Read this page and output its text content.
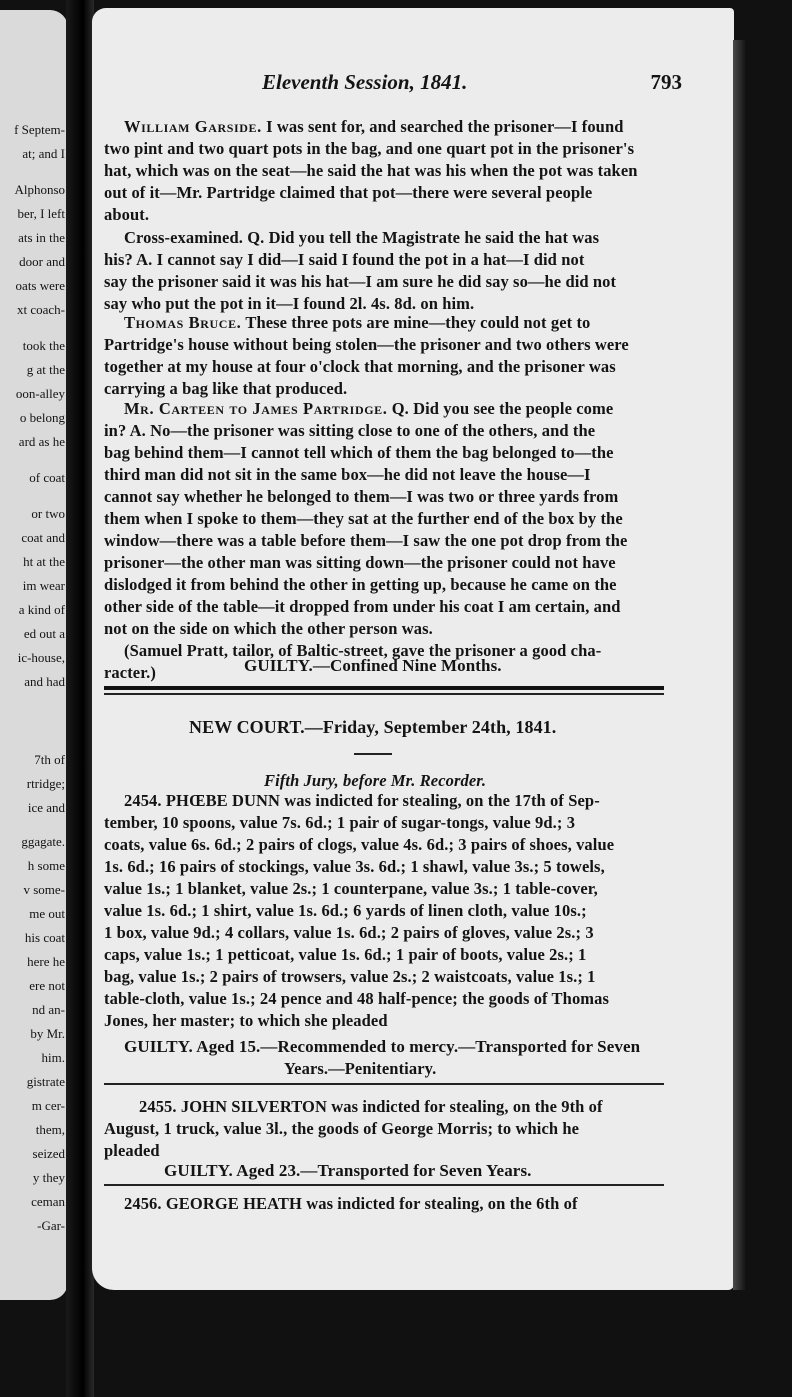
f Septem-
at; and I
Alphonso
ber, I left
ats in the
door and
oats were
xt coach-
took the
g at the
oon-alley
o belong
ard as he
of coat
or two
coat and
ht at the
im wear
a kind of
ed out a
ic-house,
and had
7th of
rtridge;
ice and
ggagate.
h some
v some-
me out
his coat
here he
ere not
nd an-
by Mr.
him.
gistrate
m cer-
them,
seized
y they
ceman
-Gar-
Eleventh Session, 1841.	793
William Garside. I was sent for, and searched the prisoner—I found
two pint and two quart pots in the bag, and one quart pot in the prisoner's
hat, which was on the seat—he said the hat was his when the pot was taken
out of it—Mr. Partridge claimed that pot—there were several people
about.
Cross-examined. Q. Did you tell the Magistrate he said the hat was
his? A. I cannot say I did—I said I found the pot in a hat—I did not
say the prisoner said it was his hat—I am sure he did say so—he did not
say who put the pot in it—I found 2l. 4s. 8d. on him.
Thomas Bruce. These three pots are mine—they could not get to
Partridge's house without being stolen—the prisoner and two others were
together at my house at four o'clock that morning, and the prisoner was
carrying a bag like that produced.
Mr. Carteen to James Partridge. Q. Did you see the people come
in? A. No—the prisoner was sitting close to one of the others, and the
bag behind them—I cannot tell which of them the bag belonged to—the
third man did not sit in the same box—he did not leave the house—I
cannot say whether he belonged to them—I was two or three yards from
them when I spoke to them—they sat at the further end of the box by the
window—there was a table before them—I saw the one pot drop from the
prisoner—the other man was sitting down—the prisoner could not have
dislodged it from behind the other in getting up, because he came on the
other side of the table—it dropped from under his coat I am certain, and
not on the side on which the other person was.
(Samuel Pratt, tailor, of Baltic-street, gave the prisoner a good cha-
racter.)	GUILTY.—Confined Nine Months.
NEW COURT.—Friday, September 24th, 1841.
Fifth Jury, before Mr. Recorder.
2454. PHŒBE DUNN was indicted for stealing, on the 17th of Sep-
tember, 10 spoons, value 7s. 6d.; 1 pair of sugar-tongs, value 9d.; 3
coats, value 6s. 6d.; 2 pairs of clogs, value 4s. 6d.; 3 pairs of shoes, value
1s. 6d.; 16 pairs of stockings, value 3s. 6d.; 1 shawl, value 3s.; 5 towels,
value 1s.; 1 blanket, value 2s.; 1 counterpane, value 3s.; 1 table-cover,
value 1s. 6d.; 1 shirt, value 1s. 6d.; 6 yards of linen cloth, value 10s.;
1 box, value 9d.; 4 collars, value 1s. 6d.; 2 pairs of gloves, value 2s.; 3
caps, value 1s.; 1 petticoat, value 1s. 6d.; 1 pair of boots, value 2s.; 1
bag, value 1s.; 2 pairs of trowsers, value 2s.; 2 waistcoats, value 1s.; 1
table-cloth, value 1s.; 24 pence and 48 half-pence; the goods of Thomas
Jones, her master; to which she pleaded
GUILTY. Aged 15.—Recommended to mercy.—Transported for Seven
Years.—Penitentiary.
2455. JOHN SILVERTON was indicted for stealing, on the 9th of
August, 1 truck, value 3l., the goods of George Morris; to which he
pleaded
GUILTY. Aged 23.—Transported for Seven Years.
2456. GEORGE HEATH was indicted for stealing, on the 6th of
